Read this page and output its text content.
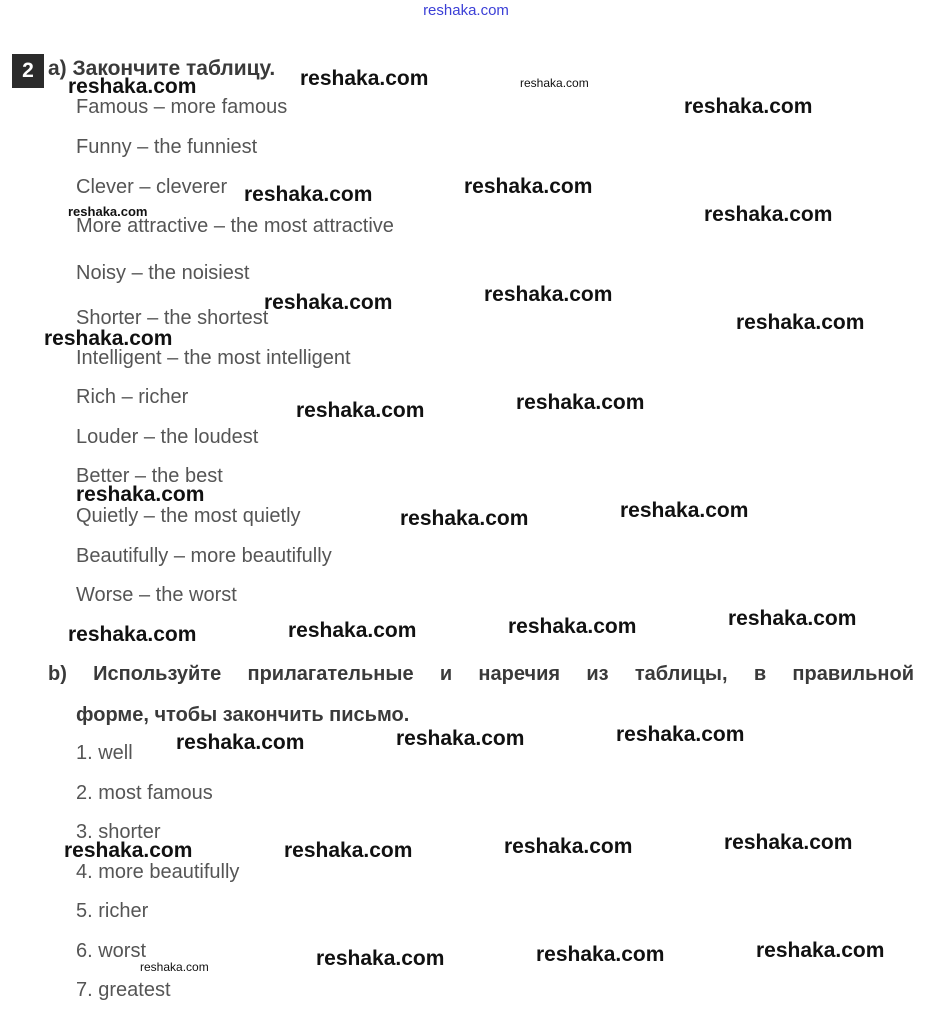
reshaka.com
2 a) Закончите таблицу.
Famous – more famous
Funny – the funniest
Clever – cleverer
More attractive – the most attractive
Noisy – the noisiest
Shorter – the shortest
Intelligent – the most intelligent
Rich – richer
Louder – the loudest
Better – the best
Quietly – the most quietly
Beautifully – more beautifully
Worse – the worst
b) Используйте прилагательные и наречия из таблицы, в правильной
форме, чтобы закончить письмо.
1. well
2. most famous
3. shorter
4. more beautifully
5. richer
6. worst
7. greatest
reshaka.com	reshaka.com
reshaka.com
reshaka.com
reshaka.com	reshaka.com
reshaka.com	reshaka.com
reshaka.com	reshaka.com
reshaka.com
reshaka.com
reshaka.com	reshaka.com
reshaka.com
reshaka.com	reshaka.com
reshaka.com	reshaka.com	reshaka.com	reshaka.com
reshaka.com	reshaka.com	reshaka.com
reshaka.com	reshaka.com	reshaka.com	reshaka.com
reshaka.com	reshaka.com	reshaka.com	reshaka.com
